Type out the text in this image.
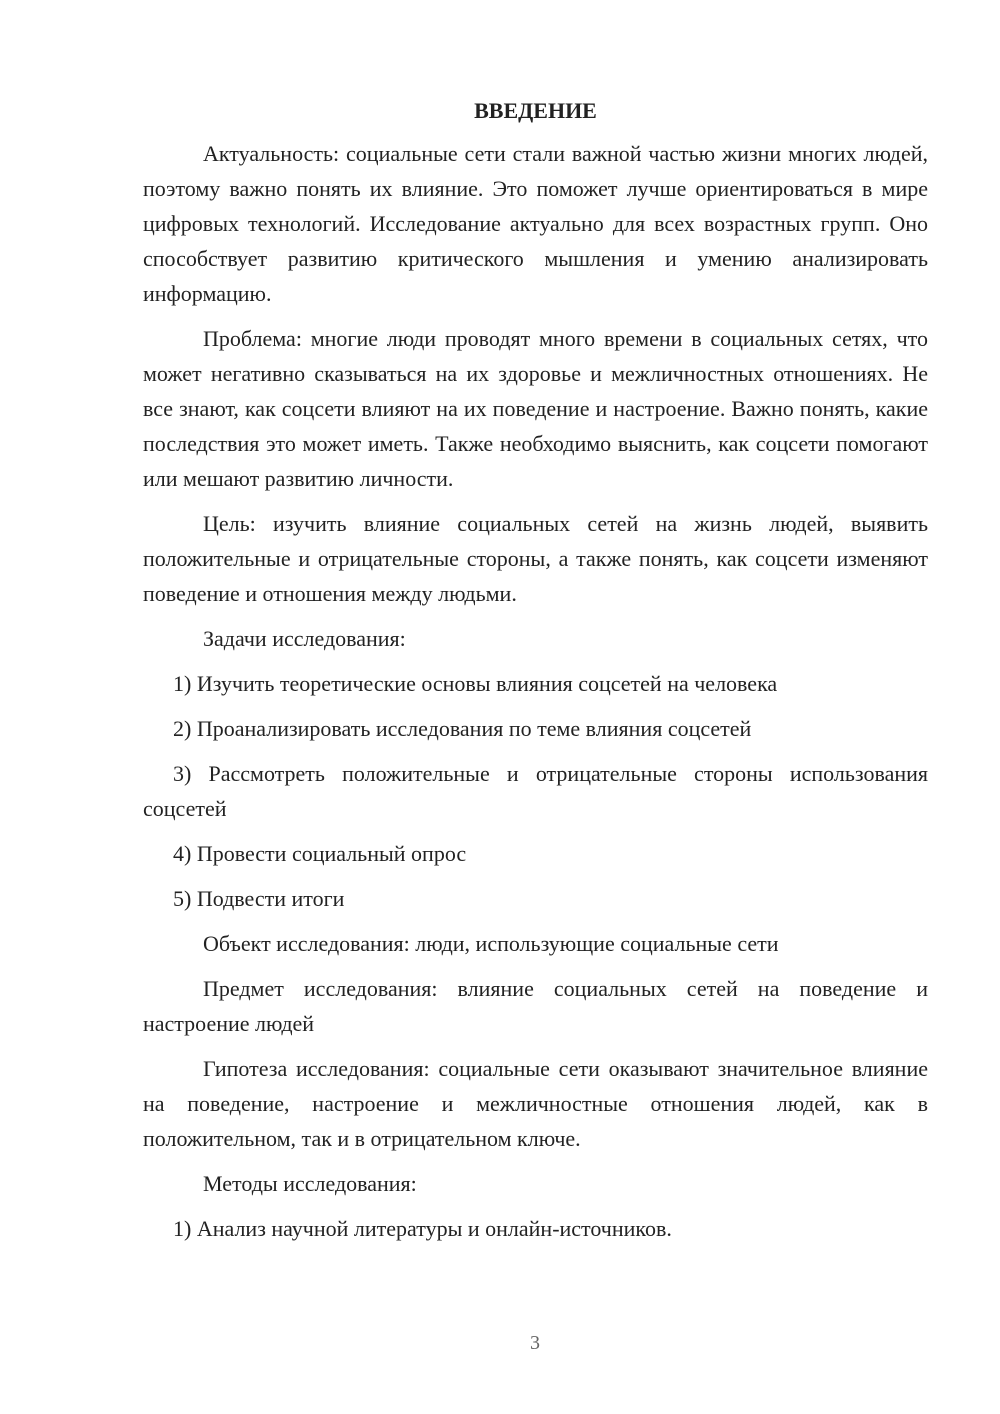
ВВЕДЕНИЕ

Актуальность: социальные сети стали важной частью жизни многих людей, поэтому важно понять их влияние. Это поможет лучше ориентироваться в мире цифровых технологий. Исследование актуально для всех возрастных групп. Оно способствует развитию критического мышления и умению анализировать информацию.

Проблема: многие люди проводят много времени в социальных сетях, что может негативно сказываться на их здоровье и межличностных отношениях. Не все знают, как соцсети влияют на их поведение и настроение. Важно понять, какие последствия это может иметь. Также необходимо выяснить, как соцсети помогают или мешают развитию личности.

Цель: изучить влияние социальных сетей на жизнь людей, выявить положительные и отрицательные стороны, а также понять, как соцсети изменяют поведение и отношения между людьми.

Задачи исследования:

1) Изучить теоретические основы влияния соцсетей на человека

2) Проанализировать исследования по теме влияния соцсетей

3) Рассмотреть положительные и отрицательные стороны использования соцсетей

4) Провести социальный опрос

5) Подвести итоги

Объект исследования: люди, использующие социальные сети

Предмет исследования: влияние социальных сетей на поведение и настроение людей

Гипотеза исследования: социальные сети оказывают значительное влияние на поведение, настроение и межличностные отношения людей, как в положительном, так и в отрицательном ключе.

Методы исследования:

1) Анализ научной литературы и онлайн-источников.

3
